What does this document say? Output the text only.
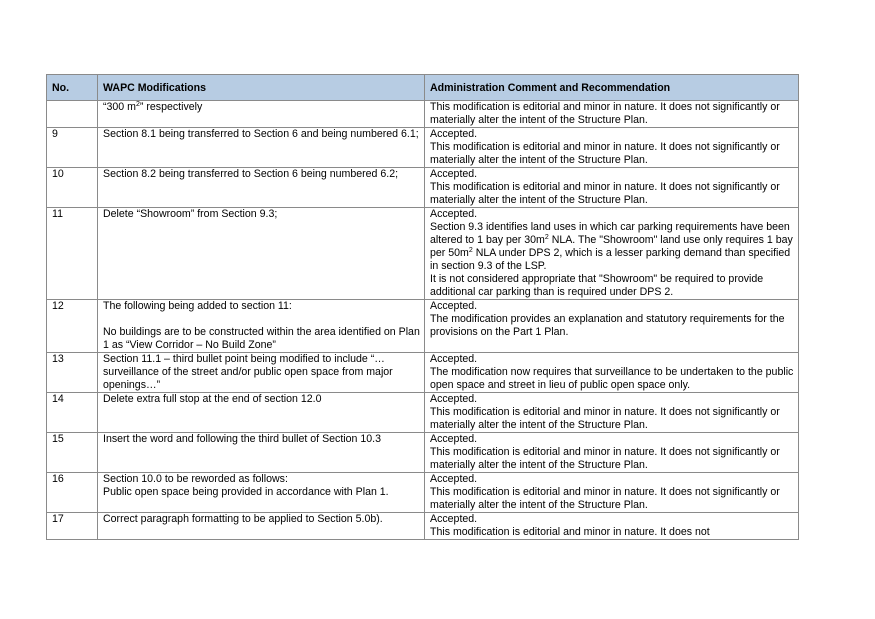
No.	WAPC Modifications	Administration Comment and Recommendation

	“300 $m^2$” respectively	This modification is editorial and minor in nature. It does not significantly or materially alter the intent of the Structure Plan.

9	Section 8.1 being transferred to Section 6 and being numbered 6.1;	Accepted.
This modification is editorial and minor in nature. It does not significantly or materially alter the intent of the Structure Plan.

10	Section 8.2 being transferred to Section 6 being numbered 6.2;	Accepted.
This modification is editorial and minor in nature. It does not significantly or materially alter the intent of the Structure Plan.

11	Delete “Showroom” from Section 9.3;	Accepted.
Section 9.3 identifies land uses in which car parking requirements have been altered to 1 bay per $30m^2$ NLA. The "Showroom" land use only requires 1 bay per $50m^2$ NLA under DPS 2, which is a lesser parking demand than specified in section 9.3 of the LSP.
It is not considered appropriate that "Showroom" be required to provide additional car parking than is required under DPS 2.

12	The following being added to section 11:
No buildings are to be constructed within the area identified on Plan 1 as “View Corridor – No Build Zone”	Accepted.
The modification provides an explanation and statutory requirements for the provisions on the Part 1 Plan.

13	Section 11.1 – third bullet point being modified to include “…surveillance of the street and/or public open space from major openings…”	Accepted.
The modification now requires that surveillance to be undertaken to the public open space and street in lieu of public open space only.

14	Delete extra full stop at the end of section 12.0	Accepted.
This modification is editorial and minor in nature. It does not significantly or materially alter the intent of the Structure Plan.

15	Insert the word and following the third bullet of Section 10.3	Accepted.
This modification is editorial and minor in nature. It does not significantly or materially alter the intent of the Structure Plan.

16	Section 10.0 to be reworded as follows:
Public open space being provided in accordance with Plan 1.	Accepted.
This modification is editorial and minor in nature. It does not significantly or materially alter the intent of the Structure Plan.

17	Correct paragraph formatting to be applied to Section 5.0b).	Accepted.
This modification is editorial and minor in nature. It does not
